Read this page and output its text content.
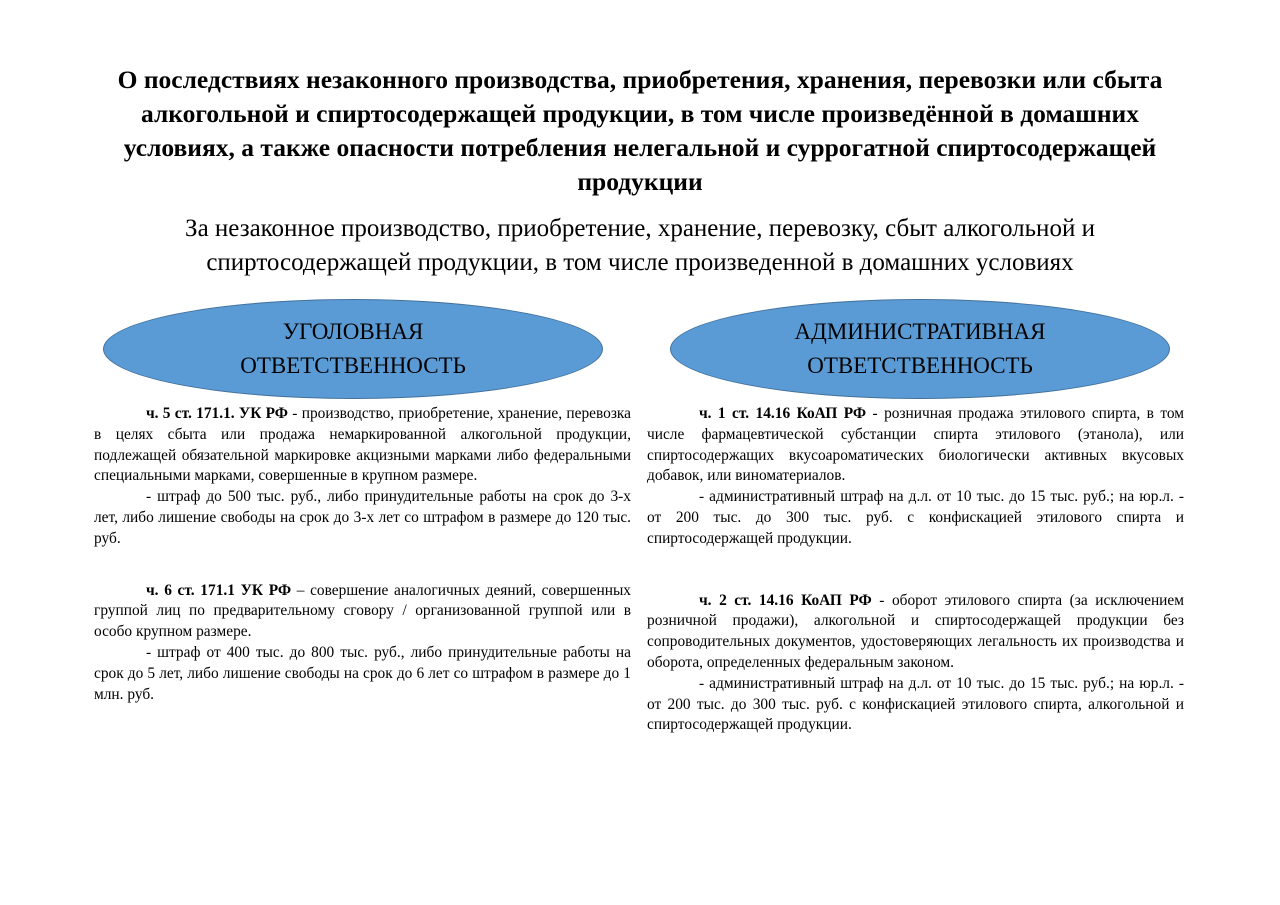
О последствиях незаконного производства, приобретения, хранения, перевозки или сбыта алкогольной и спиртосодержащей продукции, в том числе произведённой в домашних условиях, а также опасности потребления нелегальной и суррогатной спиртосодержащей продукции
За незаконное производство, приобретение, хранение, перевозку, сбыт алкогольной и спиртосодержащей продукции, в том числе произведенной в домашних условиях
УГОЛОВНАЯ
ОТВЕТСТВЕННОСТЬ
АДМИНИСТРАТИВНАЯ
ОТВЕТСТВЕННОСТЬ

ч. 5 ст. 171.1. УК РФ - производство, приобретение, хранение, перевозка в целях сбыта или продажа немаркированной алкогольной продукции, подлежащей обязательной маркировке акцизными марками либо федеральными специальными марками, совершенные в крупном размере.

- штраф до 500 тыс. руб., либо принудительные работы на срок до 3-х лет, либо лишение свободы на срок до 3-х лет со штрафом в размере до 120 тыс. руб.

ч. 6 ст. 171.1 УК РФ – совершение аналогичных деяний, совершенных группой лиц по предварительному сговору / организованной группой или в особо крупном размере.

- штраф от 400 тыс. до 800 тыс. руб., либо принудительные работы на срок до 5 лет, либо лишение свободы на срок до 6 лет со штрафом в размере до 1 млн. руб.

ч. 1 ст. 14.16 КоАП РФ - розничная продажа этилового спирта, в том числе фармацевтической субстанции спирта этилового (этанола), или спиртосодержащих вкусоароматических биологически активных вкусовых добавок, или виноматериалов.

- административный штраф на д.л. от 10 тыс. до 15 тыс. руб.; на юр.л. - от 200 тыс. до 300 тыс. руб. с конфискацией этилового спирта и спиртосодержащей продукции.

ч. 2 ст. 14.16 КоАП РФ - оборот этилового спирта (за исключением розничной продажи), алкогольной и спиртосодержащей продукции без сопроводительных документов, удостоверяющих легальность их производства и оборота, определенных федеральным законом.

- административный штраф на д.л. от 10 тыс. до 15 тыс. руб.; на юр.л. - от 200 тыс. до 300 тыс. руб. с конфискацией этилового спирта, алкогольной и спиртосодержащей продукции.
